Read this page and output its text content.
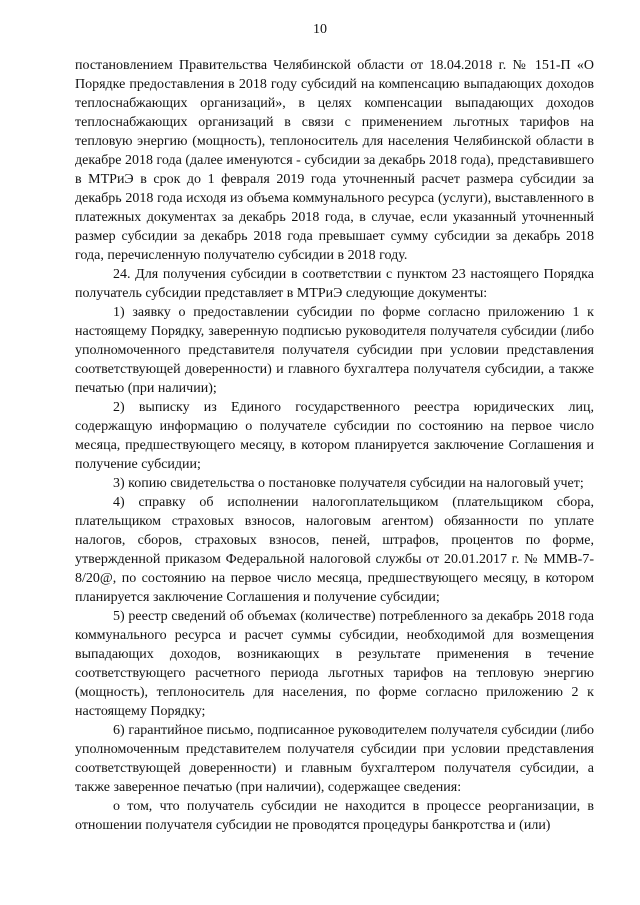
10

постановлением Правительства Челябинской области от 18.04.2018 г. № 151-П «О Порядке предоставления в 2018 году субсидий на компенсацию выпадающих доходов теплоснабжающих организаций», в целях компенсации выпадающих доходов теплоснабжающих организаций в связи с применением льготных тарифов на тепловую энергию (мощность), теплоноситель для населения Челябинской области в декабре 2018 года (далее именуются - субсидии за декабрь 2018 года), представившего в МТРиЭ в срок до 1 февраля 2019 года уточненный расчет размера субсидии за декабрь 2018 года исходя из объема коммунального ресурса (услуги), выставленного в платежных документах за декабрь 2018 года, в случае, если указанный уточненный размер субсидии за декабрь 2018 года превышает сумму субсидии за декабрь 2018 года, перечисленную получателю субсидии в 2018 году.

24. Для получения субсидии в соответствии с пунктом 23 настоящего Порядка получатель субсидии представляет в МТРиЭ следующие документы:

1) заявку о предоставлении субсидии по форме согласно приложению 1 к настоящему Порядку, заверенную подписью руководителя получателя субсидии (либо уполномоченного представителя получателя субсидии при условии представления соответствующей доверенности) и главного бухгалтера получателя субсидии, а также печатью (при наличии);

2) выписку из Единого государственного реестра юридических лиц, содержащую информацию о получателе субсидии по состоянию на первое число месяца, предшествующего месяцу, в котором планируется заключение Соглашения и получение субсидии;

3) копию свидетельства о постановке получателя субсидии на налоговый учет;

4) справку об исполнении налогоплательщиком (плательщиком сбора, плательщиком страховых взносов, налоговым агентом) обязанности по уплате налогов, сборов, страховых взносов, пеней, штрафов, процентов по форме, утвержденной приказом Федеральной налоговой службы от 20.01.2017 г. № ММВ-7-8/20@, по состоянию на первое число месяца, предшествующего месяцу, в котором планируется заключение Соглашения и получение субсидии;

5) реестр сведений об объемах (количестве) потребленного за декабрь 2018 года коммунального ресурса и расчет суммы субсидии, необходимой для возмещения выпадающих доходов, возникающих в результате применения в течение соответствующего расчетного периода льготных тарифов на тепловую энергию (мощность), теплоноситель для населения, по форме согласно приложению 2 к настоящему Порядку;

6) гарантийное письмо, подписанное руководителем получателя субсидии (либо уполномоченным представителем получателя субсидии при условии представления соответствующей доверенности) и главным бухгалтером получателя субсидии, а также заверенное печатью (при наличии), содержащее сведения:

о том, что получатель субсидии не находится в процессе реорганизации, в отношении получателя субсидии не проводятся процедуры банкротства и (или)
